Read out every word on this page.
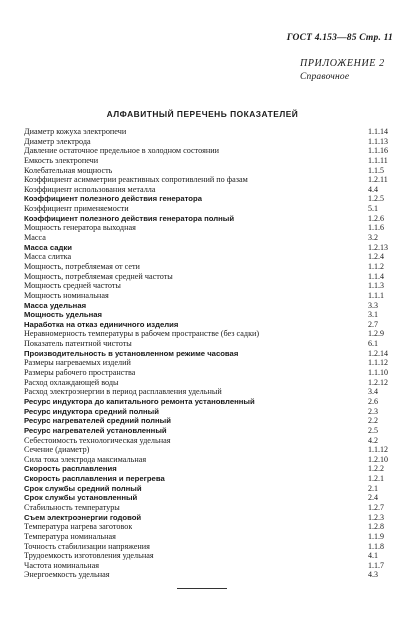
ГОСТ 4.153—85 Стр. 11
ПРИЛОЖЕНИЕ 2
Справочное
АЛФАВИТНЫЙ ПЕРЕЧЕНЬ ПОКАЗАТЕЛЕЙ
Диаметр кожуха электропечи	1.1.14
Диаметр электрода	1.1.13
Давление остаточное предельное в холодном состоянии	1.1.16
Емкость электропечи	1.1.11
Колебательная мощность	1.1.5
Коэффициент асимметрии реактивных сопротивлений по фазам	1.2.11
Коэффициент использования металла	4.4
Коэффициент полезного действия генератора	1.2.5
Коэффициент применяемости	5.1
Коэффициент полезного действия генератора полный	1.2.6
Мощность генератора выходная	1.1.6
Масса	3.2
Масса садки	1.2.13
Масса слитка	1.2.4
Мощность, потребляемая от сети	1.1.2
Мощность, потребляемая средней частоты	1.1.4
Мощность средней частоты	1.1.3
Мощность номинальная	1.1.1
Масса удельная	3.3
Мощность удельная	3.1
Наработка на отказ единичного изделия	2.7
Неравномерность температуры в рабочем пространстве (без садки)	1.2.9
Показатель патентной чистоты	6.1
Производительность в установленном режиме часовая	1.2.14
Размеры нагреваемых изделий	1.1.12
Размеры рабочего пространства	1.1.10
Расход охлаждающей воды	1.2.12
Расход электроэнергии в период расплавления удельный	3.4
Ресурс индуктора до капитального ремонта установленный	2.6
Ресурс индуктора средний полный	2.3
Ресурс нагревателей средний полный	2.2
Ресурс нагревателей установленный	2.5
Себестоимость технологическая удельная	4.2
Сечение (диаметр)	1.1.12
Сила тока электрода максимальная	1.2.10
Скорость расплавления	1.2.2
Скорость расплавления и перегрева	1.2.1
Срок службы средний полный	2.1
Срок службы установленный	2.4
Стабильность температуры	1.2.7
Съем электроэнергии годовой	1.2.3
Температура нагрева заготовок	1.2.8
Температура номинальная	1.1.9
Точность стабилизации напряжения	1.1.8
Трудоемкость изготовления удельная	4.1
Частота номинальная	1.1.7
Энергоемкость удельная	4.3
